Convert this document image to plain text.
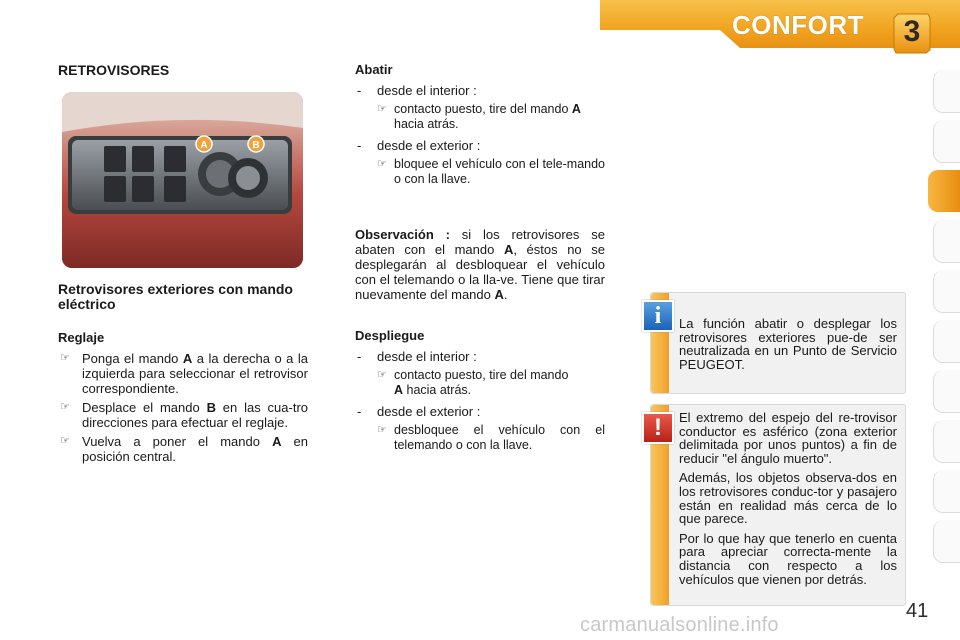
CONFORT	3
RETROVISORES
A	B

Retrovisores exteriores con mando eléctrico

Reglaje

☞ Ponga el mando A a la derecha o a la izquierda para seleccionar el retrovisor correspondiente.

☞ Desplace el mando B en las cua-tro direcciones para efectuar el reglaje.

☞ Vuelva a poner el mando A en posición central.

Abatir

- desde el interior :

☞ contacto puesto, tire del mando A
hacia atrás.

- desde el exterior :

☞ bloquee el vehículo con el tele-mando o con la llave.

Observación : si los retrovisores se abaten con el mando A, éstos no se desplegarán al desbloquear el vehículo con el telemando o la lla-ve. Tiene que tirar nuevamente del mando A.

Despliegue

- desde el interior :

☞ contacto puesto, tire del mando
A hacia atrás.

- desde el exterior :

☞ desbloquee el vehículo con el telemando o con la llave.

La función abatir o desplegar los retrovisores exteriores pue-de ser neutralizada en un Punto de Servicio PEUGEOT.
i

El extremo del espejo del re-trovisor conductor es asférico (zona exterior delimitada por unos puntos) a fin de reducir "el ángulo muerto".

Además, los objetos observa-dos en los retrovisores conduc-tor y pasajero están en realidad más cerca de lo que parece.

Por lo que hay que tenerlo en cuenta para apreciar correcta-mente la distancia con respecto a los vehículos que vienen por detrás.

!
41
carmanualsonline.info
